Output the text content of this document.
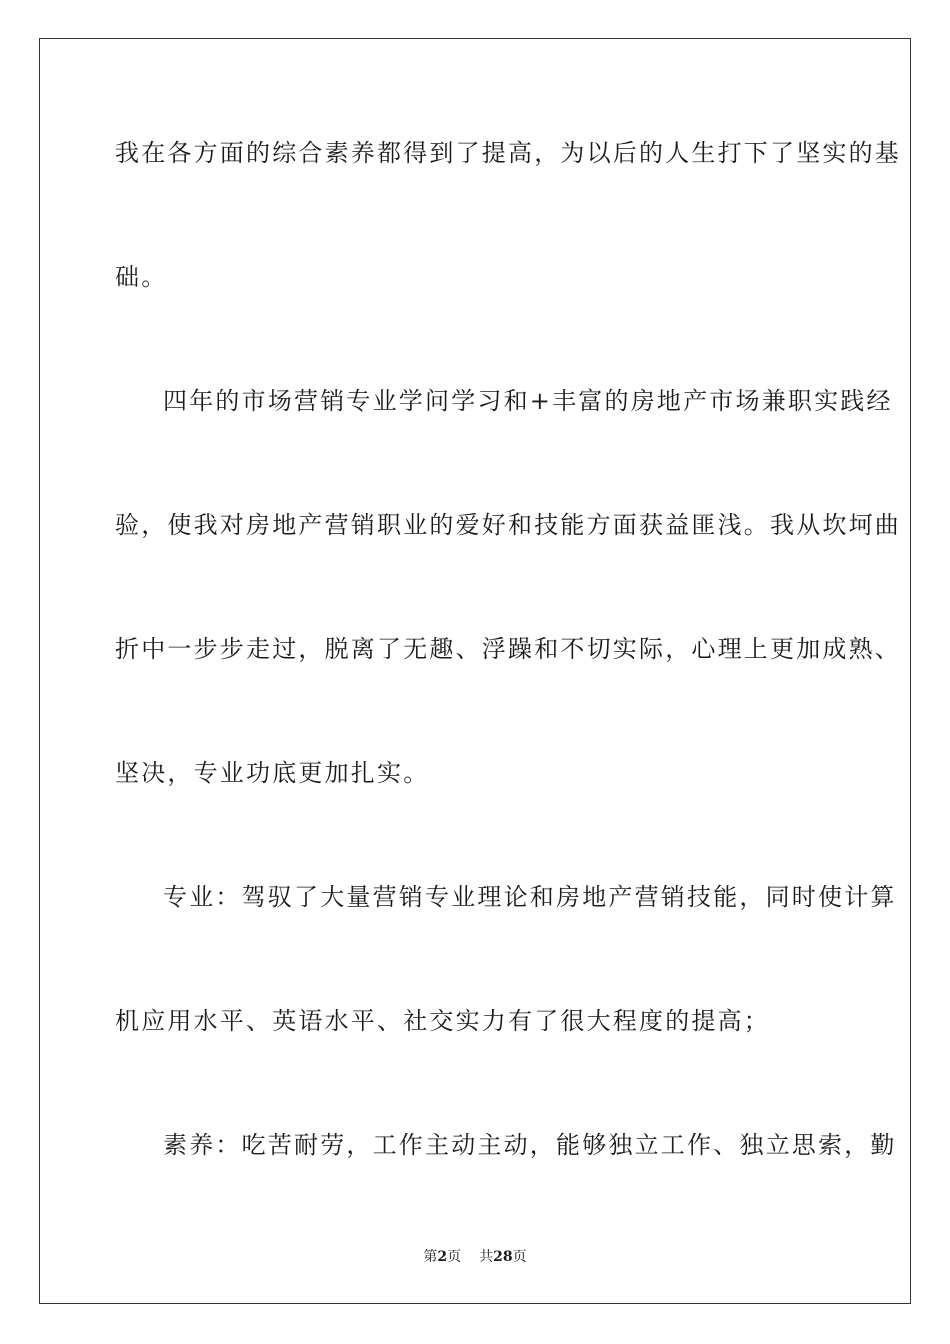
我在各方面的综合素养都得到了提高，为以后的人生打下了坚实的基
础。
四年的市场营销专业学问学习和+丰富的房地产市场兼职实践经
验，使我对房地产营销职业的爱好和技能方面获益匪浅。我从坎坷曲
折中一步步走过，脱离了无趣、浮躁和不切实际，心理上更加成熟、
坚决，专业功底更加扎实。
专业：驾驭了大量营销专业理论和房地产营销技能，同时使计算
机应用水平、英语水平、社交实力有了很大程度的提高；
素养：吃苦耐劳，工作主动主动，能够独立工作、独立思索，勤
第2页 共28页
